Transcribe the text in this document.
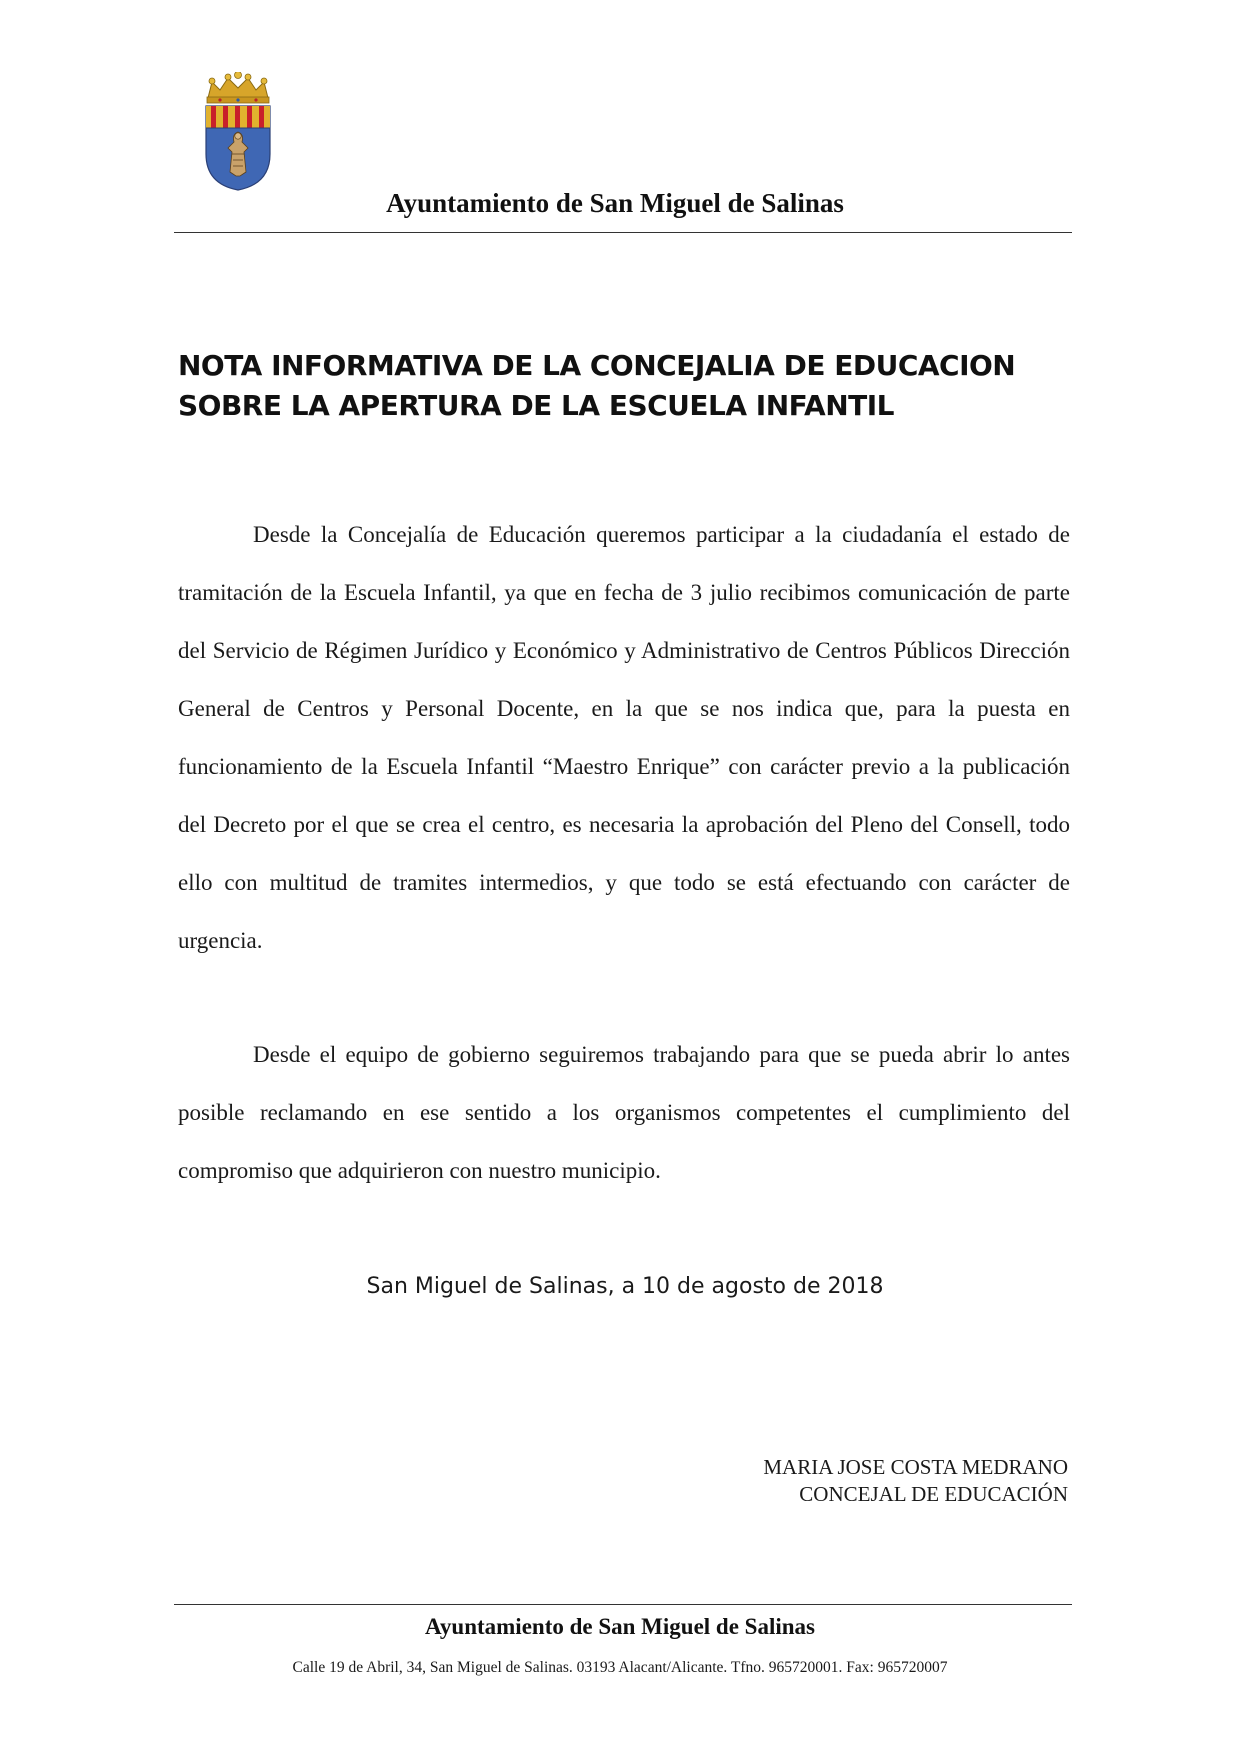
Ayuntamiento de San Miguel de Salinas
NOTA INFORMATIVA DE LA CONCEJALIA DE EDUCACION
SOBRE LA APERTURA DE LA ESCUELA INFANTIL

Desde la Concejalía de Educación queremos participar a la ciudadanía el estado de tramitación de la Escuela Infantil, ya que en fecha de 3 julio recibimos comunicación de parte del Servicio de Régimen Jurídico y Económico y Administrativo de Centros Públicos Dirección General de Centros y Personal Docente, en la que se nos indica que, para la puesta en funcionamiento de la Escuela Infantil “Maestro Enrique” con carácter previo a la publicación del Decreto por el que se crea el centro, es necesaria la aprobación del Pleno del Consell, todo ello con multitud de tramites intermedios, y que todo se está efectuando con carácter de urgencia.

Desde el equipo de gobierno seguiremos trabajando para que se pueda abrir lo antes posible reclamando en ese sentido a los organismos competentes el cumplimiento del compromiso que adquirieron con nuestro municipio.

San Miguel de Salinas, a 10 de agosto de 2018
MARIA JOSE COSTA MEDRANO
CONCEJAL DE EDUCACIÓN
Ayuntamiento de San Miguel de Salinas
Calle 19 de Abril, 34, San Miguel de Salinas. 03193 Alacant/Alicante. Tfno. 965720001. Fax: 965720007
